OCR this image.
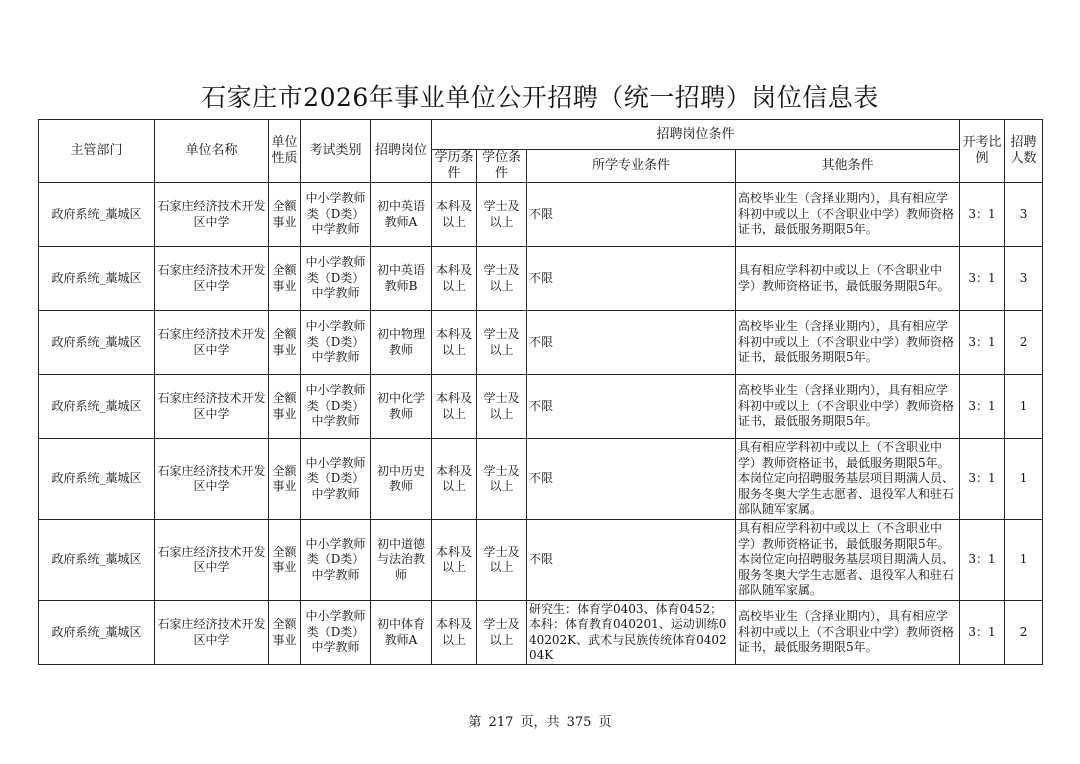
石家庄市2026年事业单位公开招聘（统一招聘）岗位信息表
主管部门	单位名称	单位性质	考试类别	招聘岗位	招聘岗位条件				开考比例	招聘人数
					学历条件	学位条件	所学专业条件	其他条件		
政府系统_藁城区	石家庄经济技术开发区中学	全额事业	中小学教师类（D类）中学教师	初中英语教师A	本科及以上	学士及以上	不限	高校毕业生（含择业期内），具有相应学科初中或以上（不含职业中学）教师资格证书，最低服务期限5年。	3：1	3
政府系统_藁城区	石家庄经济技术开发区中学	全额事业	中小学教师类（D类）中学教师	初中英语教师B	本科及以上	学士及以上	不限	具有相应学科初中或以上（不含职业中学）教师资格证书，最低服务期限5年。	3：1	3
政府系统_藁城区	石家庄经济技术开发区中学	全额事业	中小学教师类（D类）中学教师	初中物理教师	本科及以上	学士及以上	不限	高校毕业生（含择业期内），具有相应学科初中或以上（不含职业中学）教师资格证书，最低服务期限5年。	3：1	2
政府系统_藁城区	石家庄经济技术开发区中学	全额事业	中小学教师类（D类）中学教师	初中化学教师	本科及以上	学士及以上	不限	高校毕业生（含择业期内），具有相应学科初中或以上（不含职业中学）教师资格证书，最低服务期限5年。	3：1	1
政府系统_藁城区	石家庄经济技术开发区中学	全额事业	中小学教师类（D类）中学教师	初中历史教师	本科及以上	学士及以上	不限	具有相应学科初中或以上（不含职业中学）教师资格证书，最低服务期限5年。本岗位定向招聘服务基层项目期满人员、服务冬奥大学生志愿者、退役军人和驻石部队随军家属。	3：1	1
政府系统_藁城区	石家庄经济技术开发区中学	全额事业	中小学教师类（D类）中学教师	初中道德与法治教师	本科及以上	学士及以上	不限	具有相应学科初中或以上（不含职业中学）教师资格证书，最低服务期限5年。本岗位定向招聘服务基层项目期满人员、服务冬奥大学生志愿者、退役军人和驻石部队随军家属。	3：1	1
政府系统_藁城区	石家庄经济技术开发区中学	全额事业	中小学教师类（D类）中学教师	初中体育教师A	本科及以上	学士及以上	研究生：体育学0403、体育0452；本科：体育教育040201、运动训练040202K、武术与民族传统体育040204K	高校毕业生（含择业期内），具有相应学科初中或以上（不含职业中学）教师资格证书，最低服务期限5年。	3：1	2
第 217 页，共 375 页
